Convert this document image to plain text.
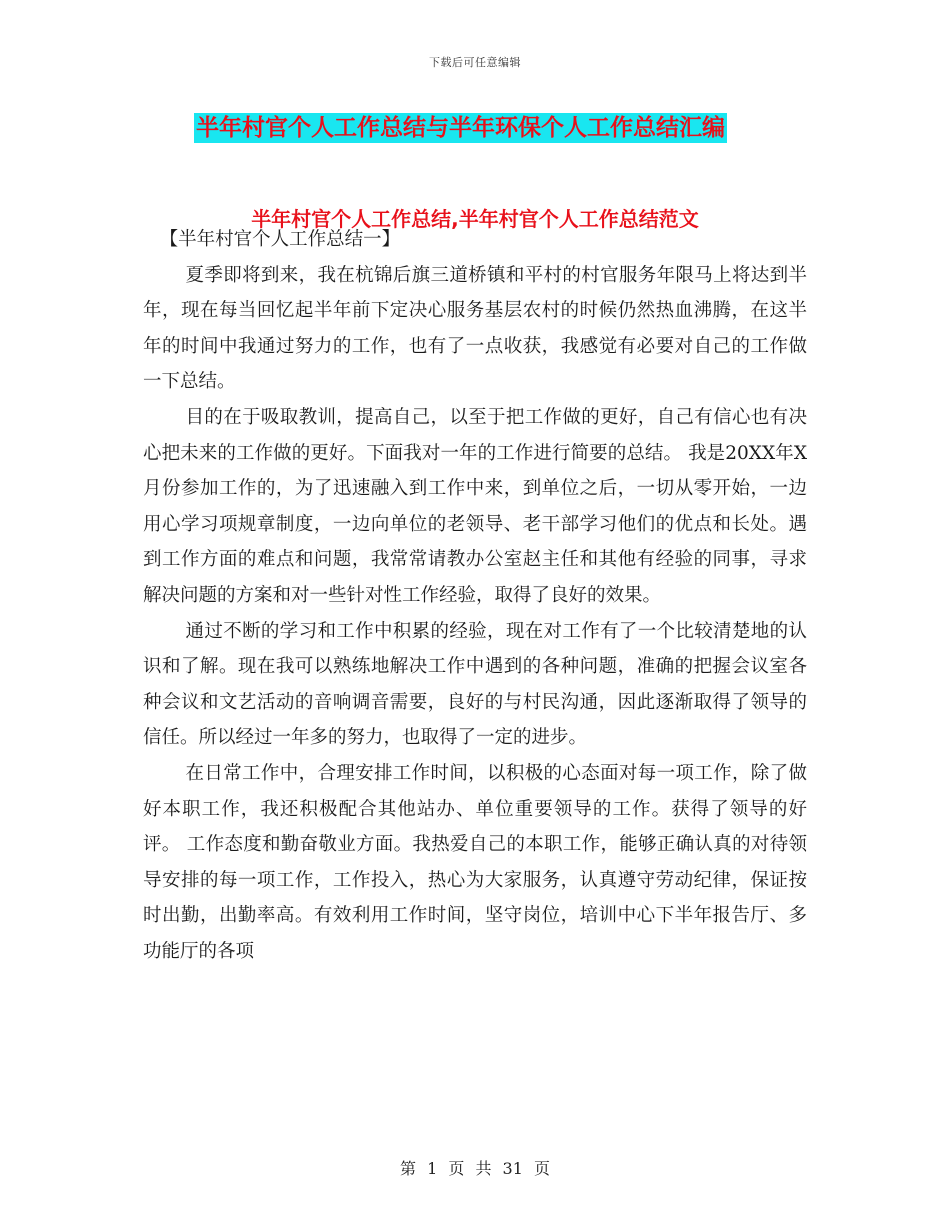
下载后可任意编辑
半年村官个人工作总结与半年环保个人工作总结汇编
半年村官个人工作总结,半年村官个人工作总结范文

【半年村官个人工作总结一】

夏季即将到来，我在杭锦后旗三道桥镇和平村的村官服务年限马上将达到半年，现在每当回忆起半年前下定决心服务基层农村的时候仍然热血沸腾，在这半年的时间中我通过努力的工作，也有了一点收获，我感觉有必要对自己的工作做一下总结。

目的在于吸取教训，提高自己，以至于把工作做的更好，自己有信心也有决心把未来的工作做的更好。下面我对一年的工作进行简要的总结。 我是20XX年X月份参加工作的，为了迅速融入到工作中来，到单位之后，一切从零开始，一边用心学习项规章制度，一边向单位的老领导、老干部学习他们的优点和长处。遇到工作方面的难点和问题，我常常请教办公室赵主任和其他有经验的同事，寻求解决问题的方案和对一些针对性工作经验，取得了良好的效果。

通过不断的学习和工作中积累的经验，现在对工作有了一个比较清楚地的认识和了解。现在我可以熟练地解决工作中遇到的各种问题，准确的把握会议室各种会议和文艺活动的音响调音需要，良好的与村民沟通，因此逐渐取得了领导的信任。所以经过一年多的努力，也取得了一定的进步。

在日常工作中，合理安排工作时间，以积极的心态面对每一项工作，除了做好本职工作，我还积极配合其他站办、单位重要领导的工作。获得了领导的好评。 工作态度和勤奋敬业方面。我热爱自己的本职工作，能够正确认真的对待领导安排的每一项工作，工作投入，热心为大家服务，认真遵守劳动纪律，保证按时出勤，出勤率高。有效利用工作时间，坚守岗位，培训中心下半年报告厅、多功能厅的各项

第 1 页 共 31 页
